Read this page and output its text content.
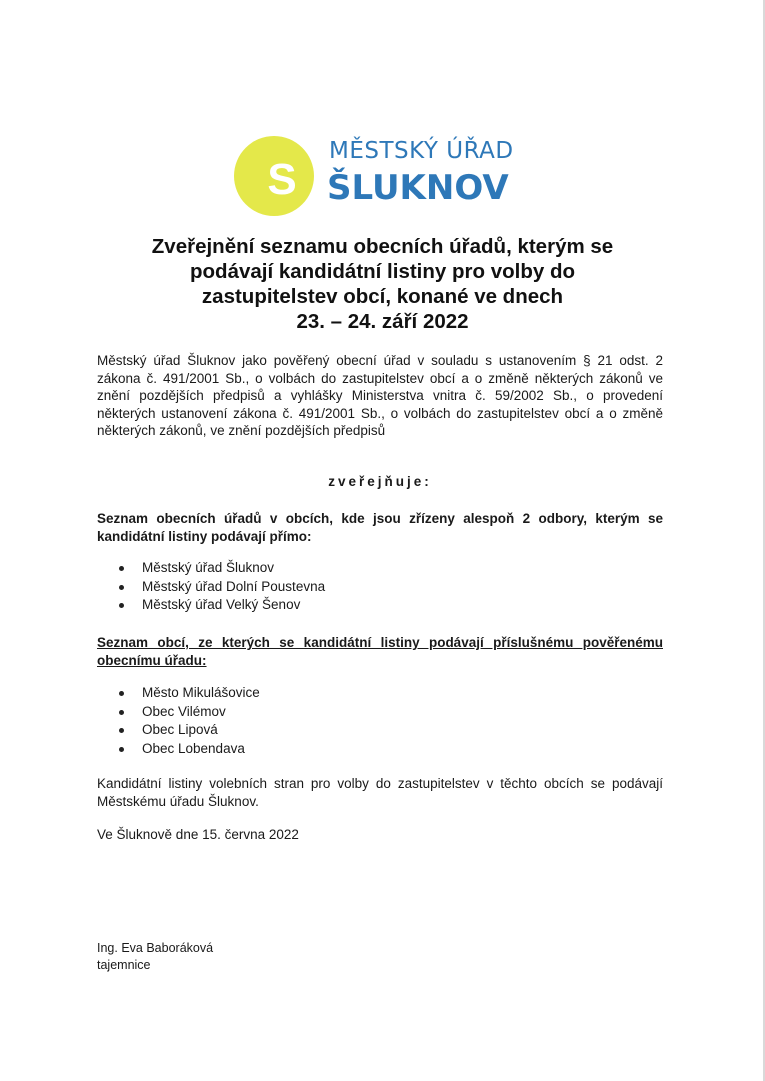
S
MĚSTSKÝ ÚŘAD
ŠLUKNOV
Zveřejnění seznamu obecních úřadů, kterým se
podávají kandidátní listiny pro volby do
zastupitelstev obcí, konané ve dnech
23. – 24. září 2022
Městský úřad Šluknov jako pověřený obecní úřad v souladu s ustanovením § 21 odst. 2 zákona č. 491/2001 Sb., o volbách do zastupitelstev obcí a o změně některých zákonů ve znění pozdějších předpisů a vyhlášky Ministerstva vnitra č. 59/2002 Sb., o provedení některých ustanovení zákona č. 491/2001 Sb., o volbách do zastupitelstev obcí a o změně některých zákonů, ve znění pozdějších předpisů
zveřejňuje:
Seznam obecních úřadů v obcích, kde jsou zřízeny alespoň 2 odbory, kterým se kandidátní listiny podávají přímo:
Městský úřad Šluknov
Městský úřad Dolní Poustevna
Městský úřad Velký Šenov
Seznam obcí, ze kterých se kandidátní listiny podávají příslušnému pověřenému obecnímu úřadu:
Město Mikulášovice
Obec Vilémov
Obec Lipová
Obec Lobendava
Kandidátní listiny volebních stran pro volby do zastupitelstev v těchto obcích se podávají Městskému úřadu Šluknov.
Ve Šluknově dne 15. června 2022
Ing. Eva Baboráková
tajemnice
